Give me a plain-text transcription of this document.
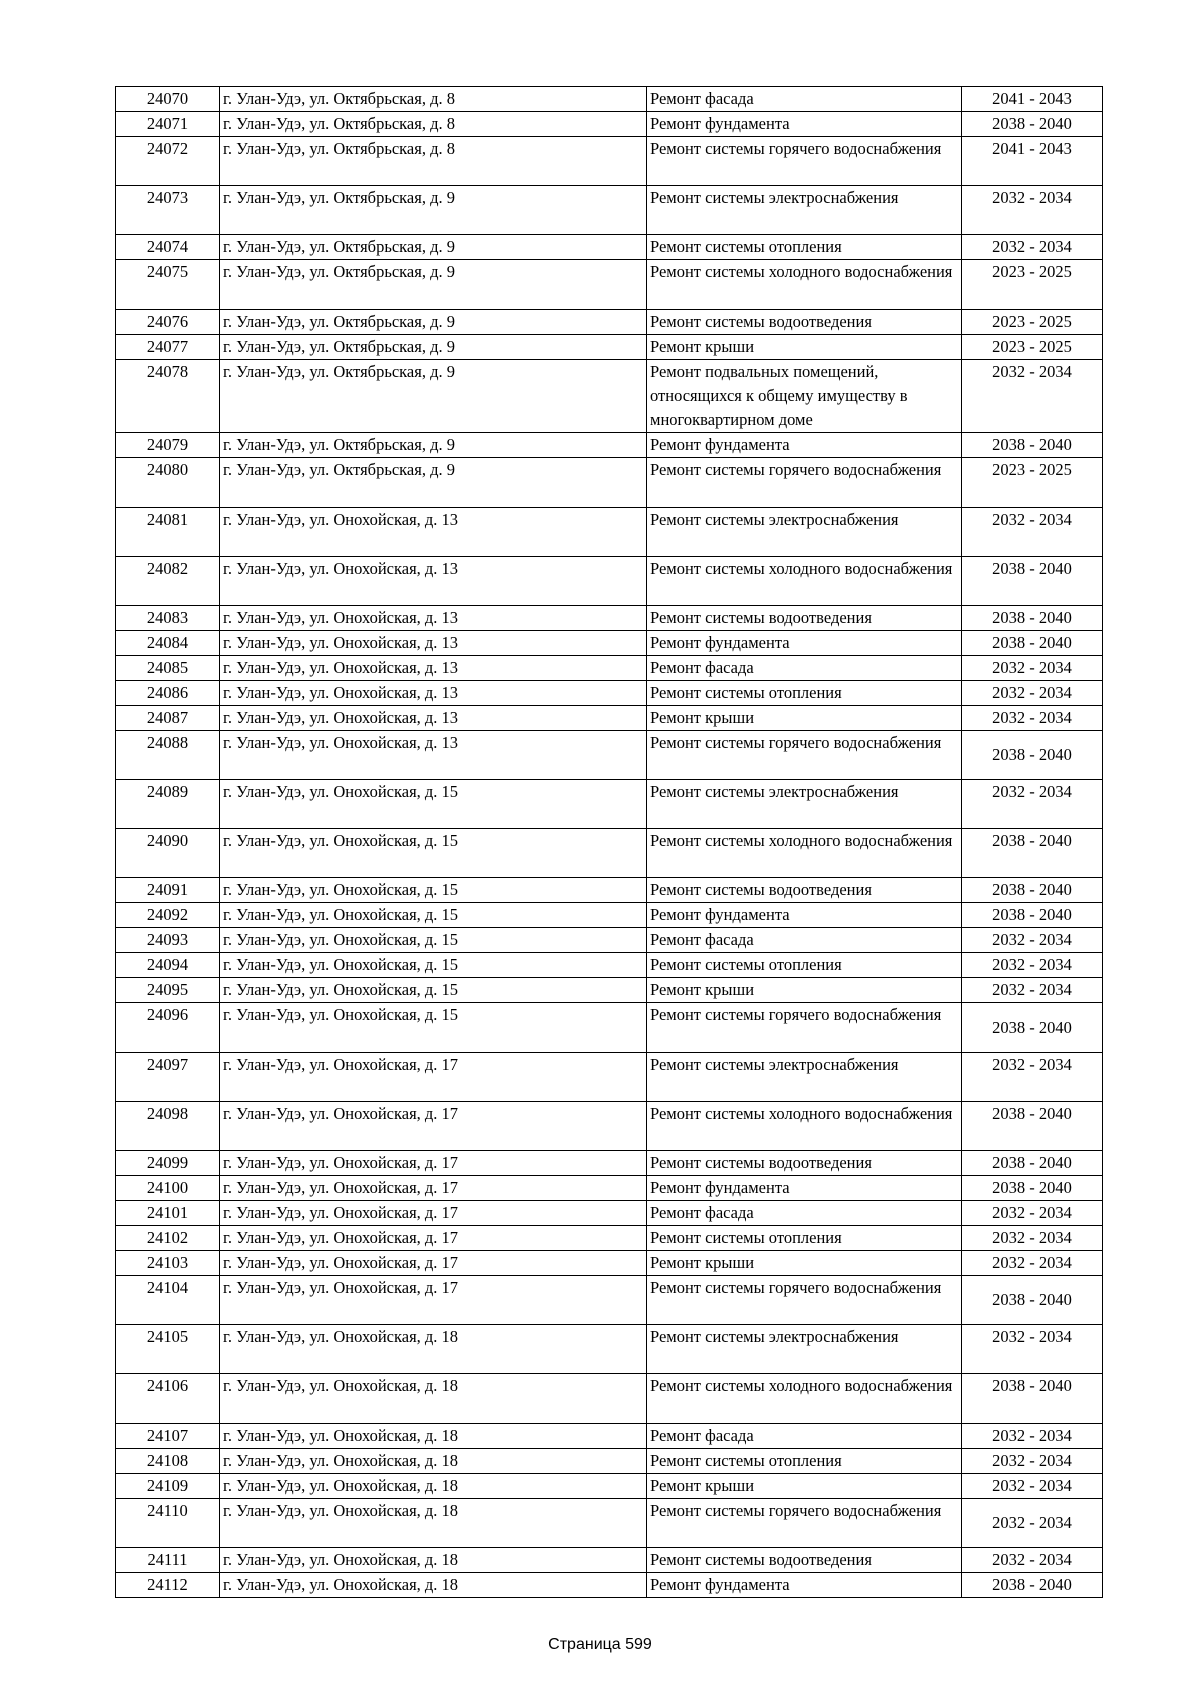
24070	г. Улан-Удэ, ул. Октябрьская, д. 8	Ремонт фасада	2041 - 2043
24071	г. Улан-Удэ, ул. Октябрьская, д. 8	Ремонт фундамента	2038 - 2040
24072	г. Улан-Удэ, ул. Октябрьская, д. 8	Ремонт системы горячего водоснабжения	2041 - 2043
24073	г. Улан-Удэ, ул. Октябрьская, д. 9	Ремонт системы электроснабжения	2032 - 2034
24074	г. Улан-Удэ, ул. Октябрьская, д. 9	Ремонт системы отопления	2032 - 2034
24075	г. Улан-Удэ, ул. Октябрьская, д. 9	Ремонт системы холодного водоснабжения	2023 - 2025
24076	г. Улан-Удэ, ул. Октябрьская, д. 9	Ремонт системы водоотведения	2023 - 2025
24077	г. Улан-Удэ, ул. Октябрьская, д. 9	Ремонт крыши	2023 - 2025
24078	г. Улан-Удэ, ул. Октябрьская, д. 9	Ремонт подвальных помещений, относящихся к общему имуществу в многоквартирном доме	2032 - 2034
24079	г. Улан-Удэ, ул. Октябрьская, д. 9	Ремонт фундамента	2038 - 2040
24080	г. Улан-Удэ, ул. Октябрьская, д. 9	Ремонт системы горячего водоснабжения	2023 - 2025
24081	г. Улан-Удэ, ул. Онохойская, д. 13	Ремонт системы электроснабжения	2032 - 2034
24082	г. Улан-Удэ, ул. Онохойская, д. 13	Ремонт системы холодного водоснабжения	2038 - 2040
24083	г. Улан-Удэ, ул. Онохойская, д. 13	Ремонт системы водоотведения	2038 - 2040
24084	г. Улан-Удэ, ул. Онохойская, д. 13	Ремонт фундамента	2038 - 2040
24085	г. Улан-Удэ, ул. Онохойская, д. 13	Ремонт фасада	2032 - 2034
24086	г. Улан-Удэ, ул. Онохойская, д. 13	Ремонт системы отопления	2032 - 2034
24087	г. Улан-Удэ, ул. Онохойская, д. 13	Ремонт крыши	2032 - 2034
24088	г. Улан-Удэ, ул. Онохойская, д. 13	Ремонт системы горячего водоснабжения	2038 - 2040
24089	г. Улан-Удэ, ул. Онохойская, д. 15	Ремонт системы электроснабжения	2032 - 2034
24090	г. Улан-Удэ, ул. Онохойская, д. 15	Ремонт системы холодного водоснабжения	2038 - 2040
24091	г. Улан-Удэ, ул. Онохойская, д. 15	Ремонт системы водоотведения	2038 - 2040
24092	г. Улан-Удэ, ул. Онохойская, д. 15	Ремонт фундамента	2038 - 2040
24093	г. Улан-Удэ, ул. Онохойская, д. 15	Ремонт фасада	2032 - 2034
24094	г. Улан-Удэ, ул. Онохойская, д. 15	Ремонт системы отопления	2032 - 2034
24095	г. Улан-Удэ, ул. Онохойская, д. 15	Ремонт крыши	2032 - 2034
24096	г. Улан-Удэ, ул. Онохойская, д. 15	Ремонт системы горячего водоснабжения	2038 - 2040
24097	г. Улан-Удэ, ул. Онохойская, д. 17	Ремонт системы электроснабжения	2032 - 2034
24098	г. Улан-Удэ, ул. Онохойская, д. 17	Ремонт системы холодного водоснабжения	2038 - 2040
24099	г. Улан-Удэ, ул. Онохойская, д. 17	Ремонт системы водоотведения	2038 - 2040
24100	г. Улан-Удэ, ул. Онохойская, д. 17	Ремонт фундамента	2038 - 2040
24101	г. Улан-Удэ, ул. Онохойская, д. 17	Ремонт фасада	2032 - 2034
24102	г. Улан-Удэ, ул. Онохойская, д. 17	Ремонт системы отопления	2032 - 2034
24103	г. Улан-Удэ, ул. Онохойская, д. 17	Ремонт крыши	2032 - 2034
24104	г. Улан-Удэ, ул. Онохойская, д. 17	Ремонт системы горячего водоснабжения	2038 - 2040
24105	г. Улан-Удэ, ул. Онохойская, д. 18	Ремонт системы электроснабжения	2032 - 2034
24106	г. Улан-Удэ, ул. Онохойская, д. 18	Ремонт системы холодного водоснабжения	2038 - 2040
24107	г. Улан-Удэ, ул. Онохойская, д. 18	Ремонт фасада	2032 - 2034
24108	г. Улан-Удэ, ул. Онохойская, д. 18	Ремонт системы отопления	2032 - 2034
24109	г. Улан-Удэ, ул. Онохойская, д. 18	Ремонт крыши	2032 - 2034
24110	г. Улан-Удэ, ул. Онохойская, д. 18	Ремонт системы горячего водоснабжения	2032 - 2034
24111	г. Улан-Удэ, ул. Онохойская, д. 18	Ремонт системы водоотведения	2032 - 2034
24112	г. Улан-Удэ, ул. Онохойская, д. 18	Ремонт фундамента	2038 - 2040
Страница 599
